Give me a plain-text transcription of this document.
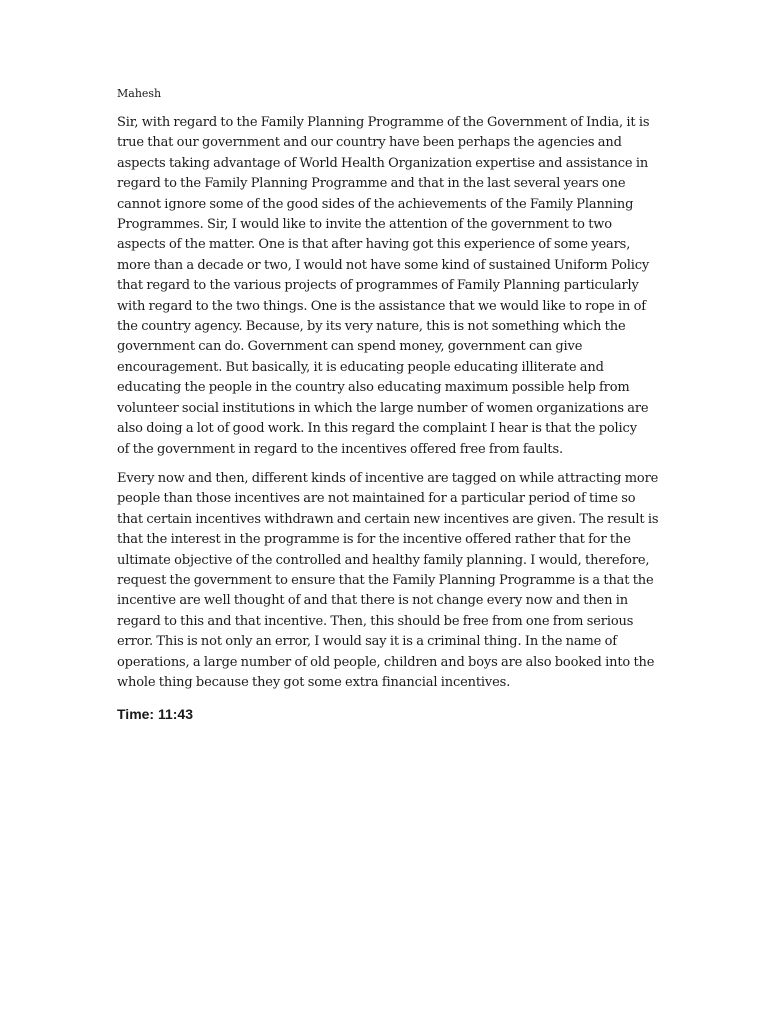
Mahesh
Sir, with regard to the Family Planning Programme of the Government of India, it is
true that our government and our country have been perhaps the agencies and
aspects taking advantage of World Health Organization expertise and assistance in
regard to the Family Planning Programme and that in the last several years one
cannot ignore some of the good sides of the achievements of the Family Planning
Programmes. Sir, I would like to invite the attention of the government to two
aspects of the matter. One is that after having got this experience of some years,
more than a decade or two, I would not have some kind of sustained Uniform Policy
that regard to the various projects of programmes of Family Planning particularly
with regard to the two things. One is the assistance that we would like to rope in of
the country agency. Because, by its very nature, this is not something which the
government can do. Government can spend money, government can give
encouragement. But basically, it is educating people educating illiterate and
educating the people in the country also educating maximum possible help from
volunteer social institutions in which the large number of women organizations are
also doing a lot of good work. In this regard the complaint I hear is that the policy
of the government in regard to the incentives offered free from faults.
Every now and then, different kinds of incentive are tagged on while attracting more
people than those incentives are not maintained for a particular period of time so
that certain incentives withdrawn and certain new incentives are given. The result is
that the interest in the programme is for the incentive offered rather that for the
ultimate objective of the controlled and healthy family planning. I would, therefore,
request the government to ensure that the Family Planning Programme is a that the
incentive are well thought of and that there is not change every now and then in
regard to this and that incentive. Then, this should be free from one from serious
error. This is not only an error, I would say it is a criminal thing. In the name of
operations, a large number of old people, children and boys are also booked into the
whole thing because they got some extra financial incentives.
Time: 11:43
